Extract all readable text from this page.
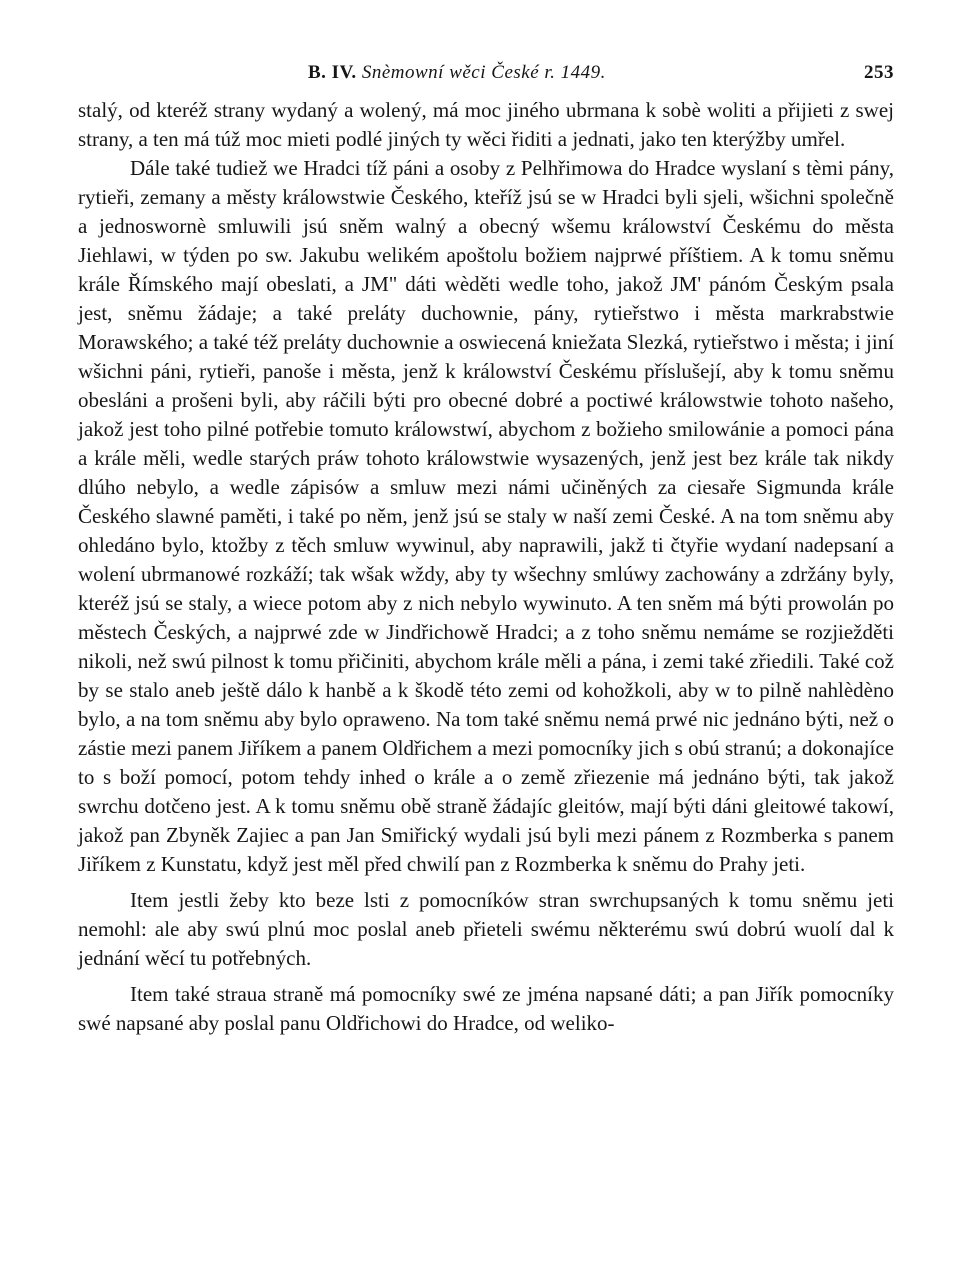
B. IV. Snèmowní wěci České r. 1449.	253

stalý, od kteréž strany wydaný a wolený, má moc jiného ubrmana k sobè woliti a přijieti z swej strany, a ten má túž moc mieti podlé jiných ty wěci řiditi a jednati, jako ten kterýžby umřel.

Dále také tudiež we Hradci tíž páni a osoby z Pelhřimowa do Hradce wyslaní s tèmi pány, rytieři, zemany a městy králowstwie Českého, kteříž jsú se w Hradci byli sjeli, wšichni společně a jednoswornè smluwili jsú sněm walný a obecný wšemu králowství Českému do města Jiehlawi, w týden po sw. Jakubu welikém apoštolu božiem najprwé příštiem. A k tomu sněmu krále Římského mají obeslati, a JM" dáti wèděti wedle toho, jakož JM' pánóm Českým psala jest, sněmu žádaje; a také preláty duchownie, pány, rytieřstwo i města markrabstwie Morawského; a také též preláty duchownie a oswiecená kniežata Slezká, rytieřstwo i města; i jiní wšichni páni, rytieři, panoše i města, jenž k králowství Českému příslušejí, aby k tomu sněmu obesláni a prošeni byli, aby ráčili býti pro obecné dobré a poctiwé králowstwie tohoto našeho, jakož jest toho pilné potřebie tomuto králowstwí, abychom z božieho smilowánie a pomoci pána a krále měli, wedle starých práw tohoto králowstwie wysazených, jenž jest bez krále tak nikdy dlúho nebylo, a wedle zápisów a smluw mezi námi učiněných za ciesaře Sigmunda krále Českého slawné paměti, i také po něm, jenž jsú se staly w naší zemi České. A na tom sněmu aby ohledáno bylo, ktožby z těch smluw wywinul, aby naprawili, jakž ti čtyřie wydaní nadepsaní a wolení ubrmanowé rozkáží; tak wšak wždy, aby ty wšechny smlúwy zachowány a zdržány byly, kteréž jsú se staly, a wiece potom aby z nich nebylo wywinuto. A ten sněm má býti prowolán po městech Českých, a najprwé zde w Jindřichowě Hradci; a z toho sněmu nemáme se rozjiežděti nikoli, než swú pilnost k tomu přičiniti, abychom krále měli a pána, i zemi také zřiedili. Také což by se stalo aneb ještě dálo k hanbě a k škodě této zemi od kohožkoli, aby w to pilně nahlèdèno bylo, a na tom sněmu aby bylo opraweno. Na tom také sněmu nemá prwé nic jednáno býti, než o zástie mezi panem Jiříkem a panem Oldřichem a mezi pomocníky jich s obú stranú; a dokonajíce to s boží pomocí, potom tehdy inhed o krále a o země zřiezenie má jednáno býti, tak jakož swrchu dotčeno jest. A k tomu sněmu obě straně žádajíc gleitów, mají býti dáni gleitowé takowí, jakož pan Zbyněk Zajiec a pan Jan Smiřický wydali jsú byli mezi pánem z Rozmberka s panem Jiříkem z Kunstatu, když jest měl před chwilí pan z Rozmberka k sněmu do Prahy jeti.

Item jestli žeby kto beze lsti z pomocníków stran swrchupsaných k tomu sněmu jeti nemohl: ale aby swú plnú moc poslal aneb přieteli swému některému swú dobrú wuolí dal k jednání wěcí tu potřebných.

Item také straua straně má pomocníky swé ze jména napsané dáti; a pan Jiřík pomocníky swé napsané aby poslal panu Oldřichowi do Hradce, od weliko-
